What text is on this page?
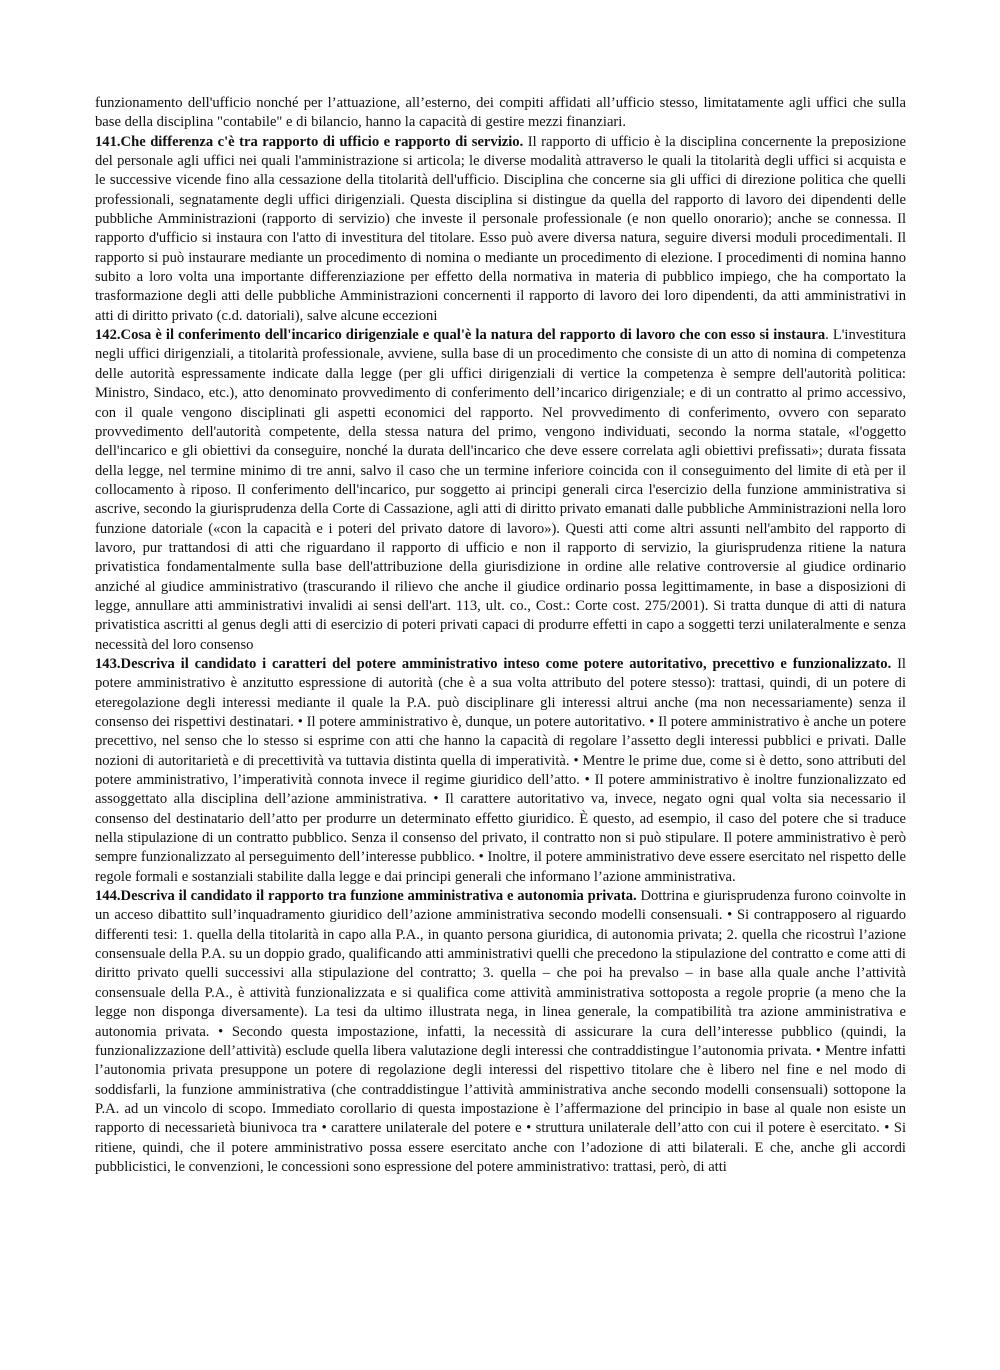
funzionamento dell'ufficio nonché per l’attuazione, all’esterno, dei compiti affidati all’ufficio stesso, limitatamente agli uffici che sulla base della disciplina "contabile" e di bilancio, hanno la capacità di gestire mezzi finanziari.

141.Che differenza c'è tra rapporto di ufficio e rapporto di servizio. Il rapporto di ufficio è la disciplina concernente la preposizione del personale agli uffici nei quali l'amministrazione si articola; le diverse modalità attraverso le quali la titolarità degli uffici si acquista e le successive vicende fino alla cessazione della titolarità dell'ufficio. Disciplina che concerne sia gli uffici di direzione politica che quelli professionali, segnatamente degli uffici dirigenziali. Questa disciplina si distingue da quella del rapporto di lavoro dei dipendenti delle pubbliche Amministrazioni (rapporto di servizio) che investe il personale professionale (e non quello onorario); anche se connessa. Il rapporto d'ufficio si instaura con l'atto di investitura del titolare. Esso può avere diversa natura, seguire diversi moduli procedimentali. Il rapporto si può instaurare mediante un procedimento di nomina o mediante un procedimento di elezione. I procedimenti di nomina hanno subito a loro volta una importante differenziazione per effetto della normativa in materia di pubblico impiego, che ha comportato la trasformazione degli atti delle pubbliche Amministrazioni concernenti il rapporto di lavoro dei loro dipendenti, da atti amministrativi in atti di diritto privato (c.d. datoriali), salve alcune eccezioni

142.Cosa è il conferimento dell'incarico dirigenziale e qual'è la natura del rapporto di lavoro che con esso si instaura. L'investitura negli uffici dirigenziali, a titolarità professionale, avviene, sulla base di un procedimento che consiste di un atto di nomina di competenza delle autorità espressamente indicate dalla legge (per gli uffici dirigenziali di vertice la competenza è sempre dell'autorità politica: Ministro, Sindaco, etc.), atto denominato provvedimento di conferimento dell’incarico dirigenziale; e di un contratto al primo accessivo, con il quale vengono disciplinati gli aspetti economici del rapporto. Nel provvedimento di conferimento, ovvero con separato provvedimento dell'autorità competente, della stessa natura del primo, vengono individuati, secondo la norma statale, «l'oggetto dell'incarico e gli obiettivi da conseguire, nonché la durata dell'incarico che deve essere correlata agli obiettivi prefissati»; durata fissata della legge, nel termine minimo di tre anni, salvo il caso che un termine inferiore coincida con il conseguimento del limite di età per il collocamento à riposo. Il conferimento dell'incarico, pur soggetto ai principi generali circa l'esercizio della funzione amministrativa si ascrive, secondo la giurisprudenza della Corte di Cassazione, agli atti di diritto privato emanati dalle pubbliche Amministrazioni nella loro funzione datoriale («con la capacità e i poteri del privato datore di lavoro»). Questi atti come altri assunti nell'ambito del rapporto di lavoro, pur trattandosi di atti che riguardano il rapporto di ufficio e non il rapporto di servizio, la giurisprudenza ritiene la natura privatistica fondamentalmente sulla base dell'attribuzione della giurisdizione in ordine alle relative controversie al giudice ordinario anziché al giudice amministrativo (trascurando il rilievo che anche il giudice ordinario possa legittimamente, in base a disposizioni di legge, annullare atti amministrativi invalidi ai sensi dell'art. 113, ult. co., Cost.: Corte cost. 275/2001). Si tratta dunque di atti di natura privatistica ascritti al genus degli atti di esercizio di poteri privati capaci di produrre effetti in capo a soggetti terzi unilateralmente e senza necessità del loro consenso

143.Descriva il candidato i caratteri del potere amministrativo inteso come potere autoritativo, precettivo e funzionalizzato. Il potere amministrativo è anzitutto espressione di autorità (che è a sua volta attributo del potere stesso): trattasi, quindi, di un potere di eteregolazione degli interessi mediante il quale la P.A. può disciplinare gli interessi altrui anche (ma non necessariamente) senza il consenso dei rispettivi destinatari. • Il potere amministrativo è, dunque, un potere autoritativo. • Il potere amministrativo è anche un potere precettivo, nel senso che lo stesso si esprime con atti che hanno la capacità di regolare l’assetto degli interessi pubblici e privati. Dalle nozioni di autoritarietà e di precettività va tuttavia distinta quella di imperatività. • Mentre le prime due, come si è detto, sono attributi del potere amministrativo, l’imperatività connota invece il regime giuridico dell’atto. • Il potere amministrativo è inoltre funzionalizzato ed assoggettato alla disciplina dell’azione amministrativa. • Il carattere autoritativo va, invece, negato ogni qual volta sia necessario il consenso del destinatario dell’atto per produrre un determinato effetto giuridico. È questo, ad esempio, il caso del potere che si traduce nella stipulazione di un contratto pubblico. Senza il consenso del privato, il contratto non si può stipulare. Il potere amministrativo è però sempre funzionalizzato al perseguimento dell’interesse pubblico. • Inoltre, il potere amministrativo deve essere esercitato nel rispetto delle regole formali e sostanziali stabilite dalla legge e dai principi generali che informano l’azione amministrativa.

144.Descriva il candidato il rapporto tra funzione amministrativa e autonomia privata. Dottrina e giurisprudenza furono coinvolte in un acceso dibattito sull’inquadramento giuridico dell’azione amministrativa secondo modelli consensuali. • Si contrapposero al riguardo differenti tesi: 1. quella della titolarità in capo alla P.A., in quanto persona giuridica, di autonomia privata; 2. quella che ricostruì l’azione consensuale della P.A. su un doppio grado, qualificando atti amministrativi quelli che precedono la stipulazione del contratto e come atti di diritto privato quelli successivi alla stipulazione del contratto; 3. quella – che poi ha prevalso – in base alla quale anche l’attività consensuale della P.A., è attività funzionalizzata e si qualifica come attività amministrativa sottoposta a regole proprie (a meno che la legge non disponga diversamente). La tesi da ultimo illustrata nega, in linea generale, la compatibilità tra azione amministrativa e autonomia privata. • Secondo questa impostazione, infatti, la necessità di assicurare la cura dell’interesse pubblico (quindi, la funzionalizzazione dell’attività) esclude quella libera valutazione degli interessi che contraddistingue l’autonomia privata. • Mentre infatti l’autonomia privata presuppone un potere di regolazione degli interessi del rispettivo titolare che è libero nel fine e nel modo di soddisfarli, la funzione amministrativa (che contraddistingue l’attività amministrativa anche secondo modelli consensuali) sottopone la P.A. ad un vincolo di scopo. Immediato corollario di questa impostazione è l’affermazione del principio in base al quale non esiste un rapporto di necessarietà biunivoca tra • carattere unilaterale del potere e • struttura unilaterale dell’atto con cui il potere è esercitato. • Si ritiene, quindi, che il potere amministrativo possa essere esercitato anche con l’adozione di atti bilaterali. E che, anche gli accordi pubblicistici, le convenzioni, le concessioni sono espressione del potere amministrativo: trattasi, però, di atti
